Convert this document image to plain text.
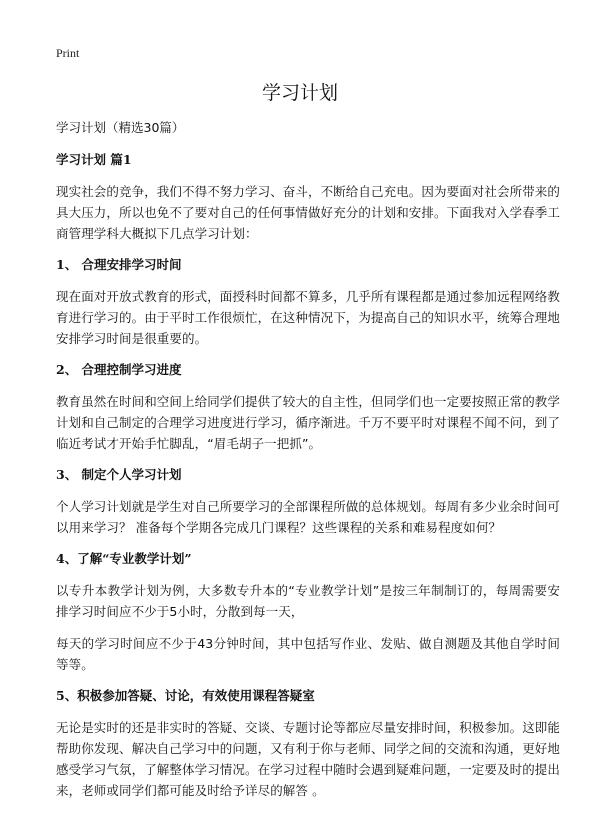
Print
学习计划

学习计划（精选30篇）

学习计划 篇1

现实社会的竞争，我们不得不努力学习、奋斗，不断给自己充电。因为要面对社会所带来的具大压力，所以也免不了要对自己的任何事情做好充分的计划和安排。下面我对入学春季工商管理学科大概拟下几点学习计划：

1、 合理安排学习时间

现在面对开放式教育的形式，面授科时间都不算多，几乎所有课程都是通过参加远程网络教育进行学习的。由于平时工作很烦忙，在这种情况下，为提高自己的知识水平，统筹合理地安排学习时间是很重要的。

2、 合理控制学习进度

教育虽然在时间和空间上给同学们提供了较大的自主性，但同学们也一定要按照正常的教学计划和自己制定的合理学习进度进行学习，循序渐进。千万不要平时对课程不闻不问，到了临近考试才开始手忙脚乱，“眉毛胡子一把抓”。

3、 制定个人学习计划

个人学习计划就是学生对自己所要学习的全部课程所做的总体规划。每周有多少业余时间可以用来学习？ 准备每个学期各完成几门课程？这些课程的关系和难易程度如何？

4、了解“专业教学计划”

以专升本教学计划为例，大多数专升本的“专业教学计划”是按三年制制订的，每周需要安排学习时间应不少于5小时，分散到每一天，

每天的学习时间应不少于43分钟时间，其中包括写作业、发贴、做自测题及其他自学时间等等。

5、积极参加答疑、讨论，有效使用课程答疑室

无论是实时的还是非实时的答疑、交谈、专题讨论等都应尽量安排时间，积极参加。这即能帮助你发现、解决自己学习中的问题，又有利于你与老师、同学之间的交流和沟通，更好地感受学习气氛，了解整体学习情况。在学习过程中随时会遇到疑难问题，一定要及时的提出来，老师或同学们都可能及时给予详尽的解答 。
